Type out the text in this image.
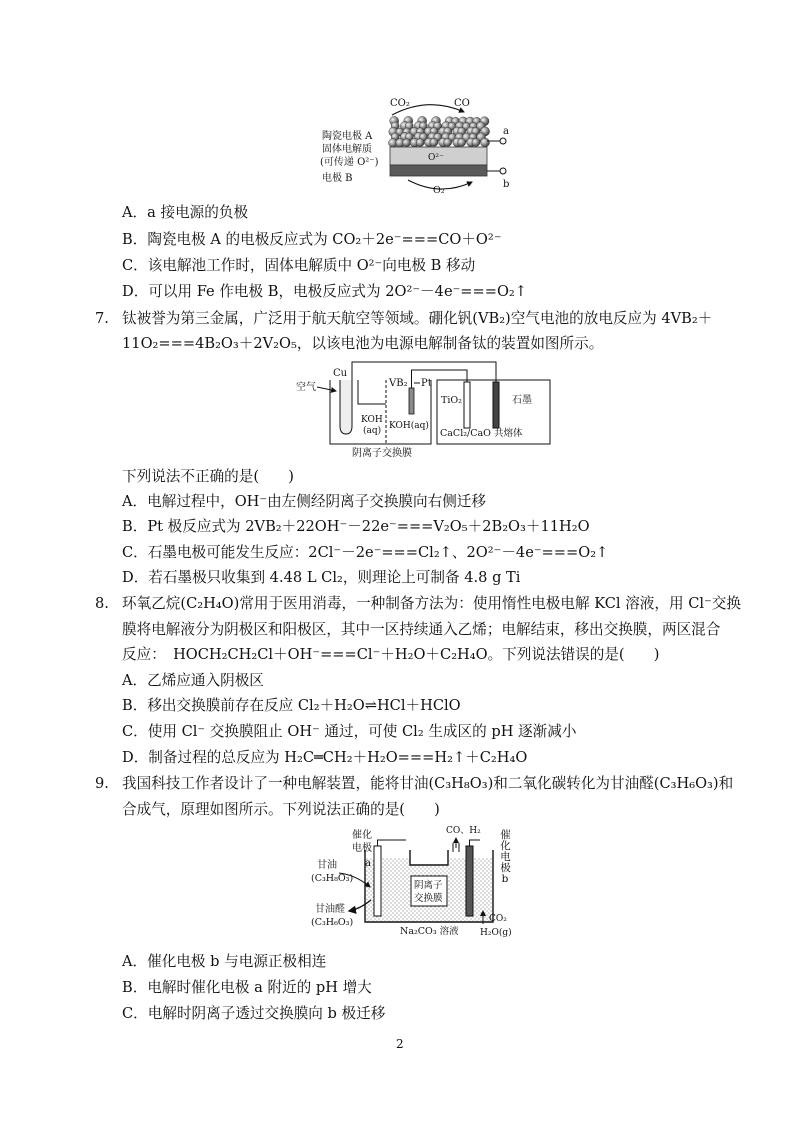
CO₂	CO
O²⁻
陶瓷电极 A
固体电解质
(可传递 O²⁻)
电极 B
a
b
O₂
A．a 接电源的负极
B．陶瓷电极 A 的电极反应式为 CO₂＋2e⁻===CO＋O²⁻
C．该电解池工作时，固体电解质中 O²⁻向电极 B 移动
D．可以用 Fe 作电极 B，电极反应式为 2O²⁻－4e⁻===O₂↑
7. 钛被誉为第三金属，广泛用于航天航空等领域。硼化钒(VB₂)空气电池的放电反应为 4VB₂＋
11O₂===4B₂O₃＋2V₂O₅，以该电池为电源电解制备钛的装置如图所示。
空气
Cu
VB₂ Pt
KOH
(aq) KOH(aq)
TiO₂	石墨
CaCl₂/CaO 共熔体
阴离子交换膜
下列说法不正确的是(　　)
A．电解过程中，OH⁻由左侧经阴离子交换膜向右侧迁移
B．Pt 极反应式为 2VB₂＋22OH⁻－22e⁻===V₂O₅＋2B₂O₃＋11H₂O
C．石墨电极可能发生反应：2Cl⁻－2e⁻===Cl₂↑、2O²⁻－4e⁻===O₂↑
D．若石墨极只收集到 4.48 L Cl₂，则理论上可制备 4.8 g Ti
8. 环氧乙烷(C₂H₄O)常用于医用消毒，一种制备方法为：使用惰性电极电解 KCl 溶液，用 Cl⁻交换
膜将电解液分为阴极区和阳极区，其中一区持续通入乙烯；电解结束，移出交换膜，两区混合
反应：　HOCH₂CH₂Cl＋OH⁻===Cl⁻＋H₂O＋C₂H₄O。下列说法错误的是(　　)
A．乙烯应通入阴极区
B．移出交换膜前存在反应 Cl₂＋H₂O⇌HCl＋HClO
C．使用 Cl⁻ 交换膜阻止 OH⁻ 通过，可使 Cl₂ 生成区的 pH 逐渐减小
D．制备过程的总反应为 H₂C═CH₂＋H₂O===H₂↑＋C₂H₄O
9. 我国科技工作者设计了一种电解装置，能将甘油(C₃H₈O₃)和二氧化碳转化为甘油醛(C₃H₆O₃)和
合成气，原理如图所示。下列说法正确的是(　　)
阴离子
交换膜
催化
电极
a
甘油
(C₃H₈O₃)
甘油醛
(C₃H₆O₃)
CO、H₂
Na₂CO₃ 溶液
CO₂
H₂O(g)
催化电极b
A．催化电极 b 与电源正极相连
B．电解时催化电极 a 附近的 pH 增大
C．电解时阴离子透过交换膜向 b 极迁移
2
